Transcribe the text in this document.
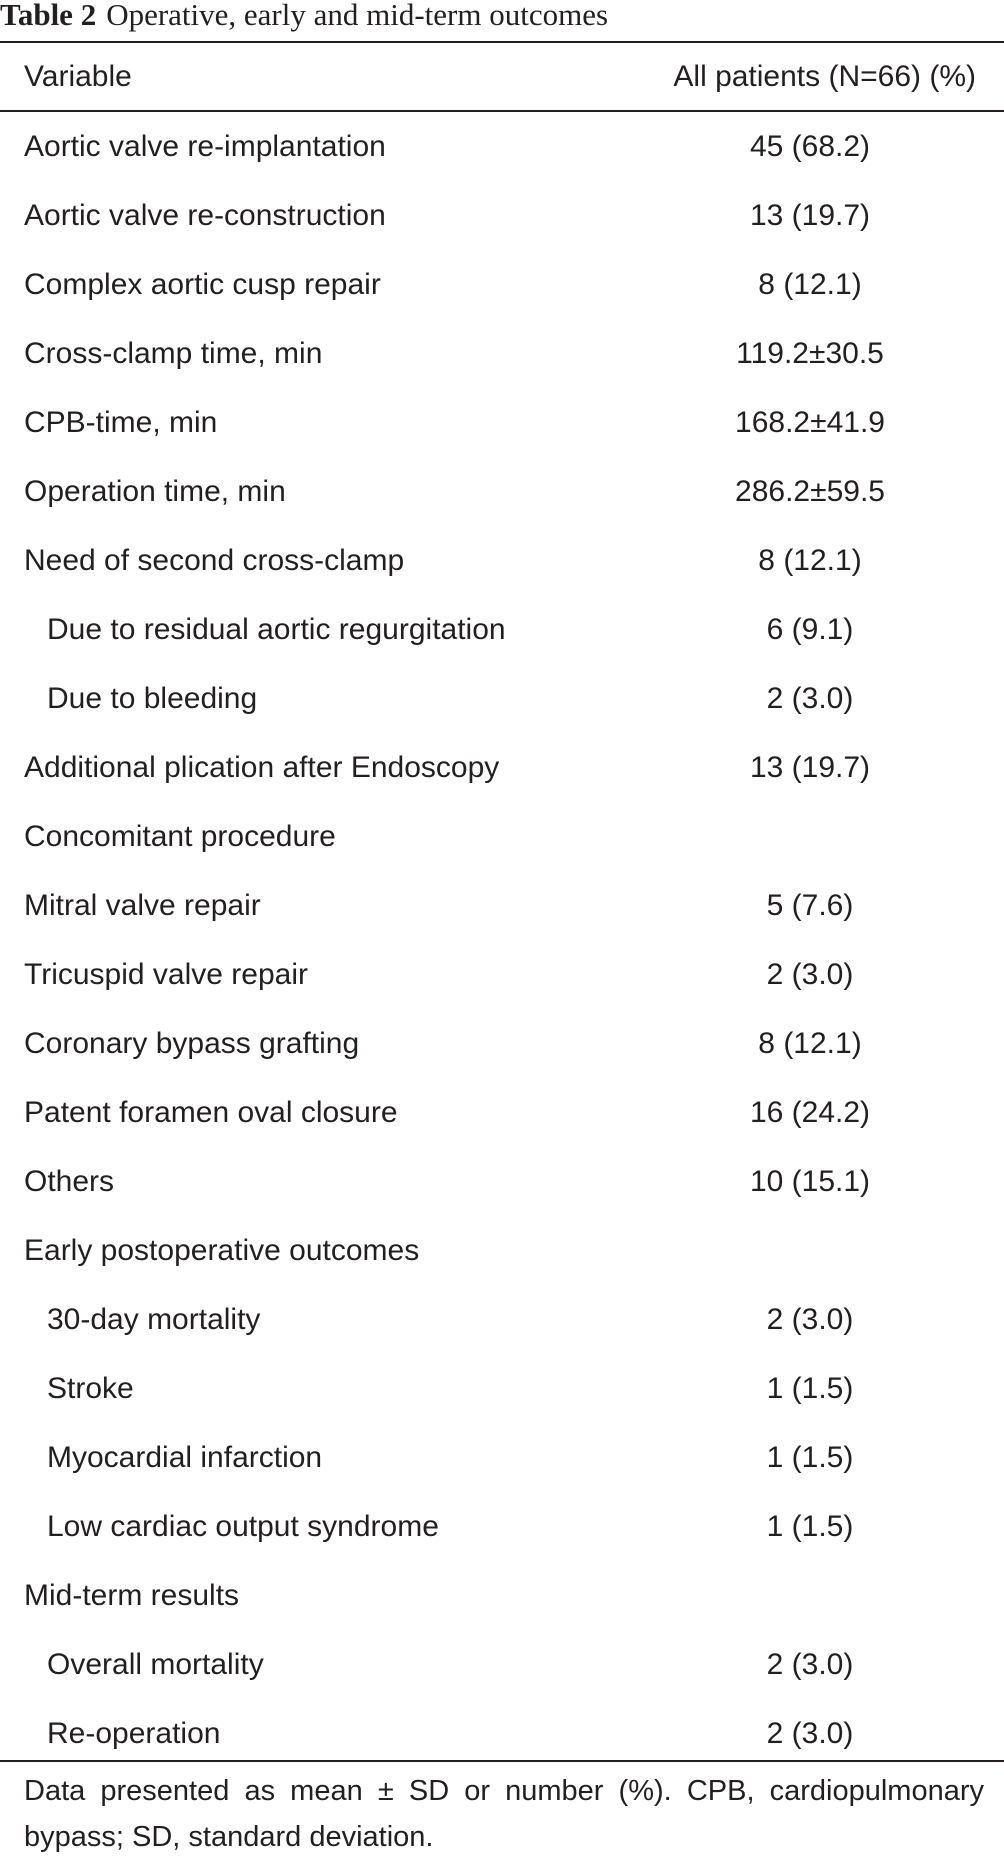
Table 2 Operative, early and mid-term outcomes
Variable	All patients (N=66) (%)
Aortic valve re-implantation	45 (68.2)
Aortic valve re-construction	13 (19.7)
Complex aortic cusp repair	8 (12.1)
Cross-clamp time, min	119.2±30.5
CPB-time, min	168.2±41.9
Operation time, min	286.2±59.5
Need of second cross-clamp	8 (12.1)
Due to residual aortic regurgitation	6 (9.1)
Due to bleeding	2 (3.0)
Additional plication after Endoscopy	13 (19.7)
Concomitant procedure
Mitral valve repair	5 (7.6)
Tricuspid valve repair	2 (3.0)
Coronary bypass grafting	8 (12.1)
Patent foramen oval closure	16 (24.2)
Others	10 (15.1)
Early postoperative outcomes
30-day mortality	2 (3.0)
Stroke	1 (1.5)
Myocardial infarction	1 (1.5)
Low cardiac output syndrome	1 (1.5)
Mid-term results
Overall mortality	2 (3.0)
Re-operation	2 (3.0)
Data presented as mean ± SD or number (%). CPB, cardiopulmonary bypass; SD, standard deviation.
